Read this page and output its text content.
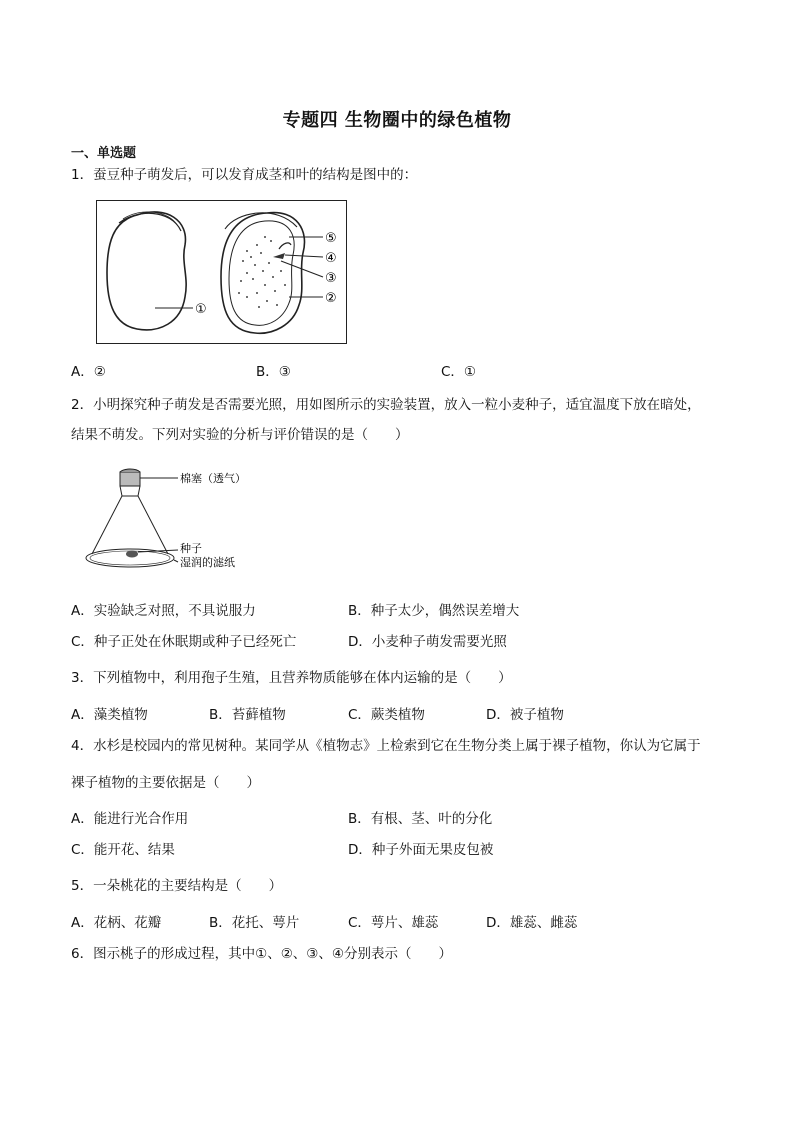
专题四 生物圈中的绿色植物
一、单选题
1．蚕豆种子萌发后，可以发育成茎和叶的结构是图中的：
①
⑤
④
③
②
A．②	B．③	C．①
2．小明探究种子萌发是否需要光照，用如图所示的实验装置，放入一粒小麦种子，适宜温度下放在暗处，
结果不萌发。下列对实验的分析与评价错误的是（　　）
棉塞（透气）
种子
湿润的滤纸
A．实验缺乏对照，不具说服力	B．种子太少，偶然误差增大
C．种子正处在休眠期或种子已经死亡	D．小麦种子萌发需要光照
3．下列植物中，利用孢子生殖，且营养物质能够在体内运输的是（　　）
A．藻类植物	B．苔藓植物	C．蕨类植物	D．被子植物
4．水杉是校园内的常见树种。某同学从《植物志》上检索到它在生物分类上属于裸子植物，你认为它属于
裸子植物的主要依据是（　　）
A．能进行光合作用	B．有根、茎、叶的分化
C．能开花、结果	D．种子外面无果皮包被
5．一朵桃花的主要结构是（　　）
A．花柄、花瓣	B．花托、萼片	C．萼片、雄蕊	D．雄蕊、雌蕊
6．图示桃子的形成过程，其中①、②、③、④分别表示（　　）
